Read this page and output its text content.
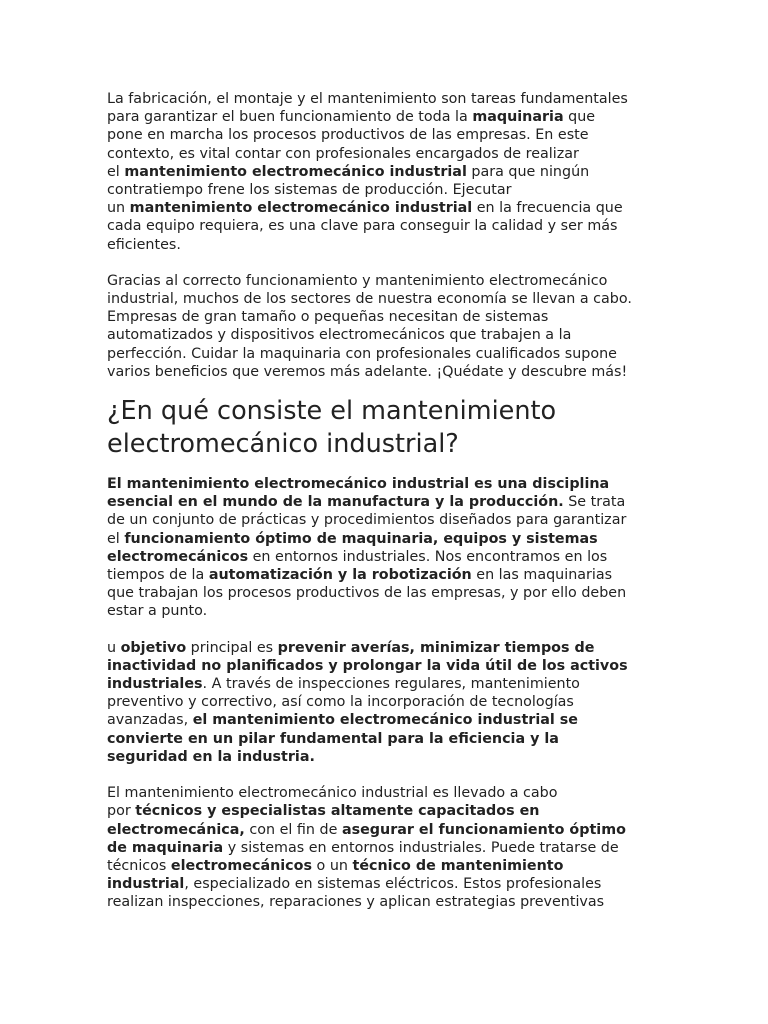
La fabricación, el montaje y el mantenimiento son tareas fundamentales
para garantizar el buen funcionamiento de toda la maquinaria que
pone en marcha los procesos productivos de las empresas. En este
contexto, es vital contar con profesionales encargados de realizar
el mantenimiento electromecánico industrial para que ningún
contratiempo frene los sistemas de producción. Ejecutar
un mantenimiento electromecánico industrial en la frecuencia que
cada equipo requiera, es una clave para conseguir la calidad y ser más
eficientes.

Gracias al correcto funcionamiento y mantenimiento electromecánico
industrial, muchos de los sectores de nuestra economía se llevan a cabo.
Empresas de gran tamaño o pequeñas necesitan de sistemas
automatizados y dispositivos electromecánicos que trabajen a la
perfección. Cuidar la maquinaria con profesionales cualificados supone
varios beneficios que veremos más adelante. ¡Quédate y descubre más!

¿En qué consiste el mantenimiento
electromecánico industrial?

El mantenimiento electromecánico industrial es una disciplina
esencial en el mundo de la manufactura y la producción. Se trata
de un conjunto de prácticas y procedimientos diseñados para garantizar
el funcionamiento óptimo de maquinaria, equipos y sistemas
electromecánicos en entornos industriales. Nos encontramos en los
tiempos de la automatización y la robotización en las maquinarias
que trabajan los procesos productivos de las empresas, y por ello deben
estar a punto.

u objetivo principal es prevenir averías, minimizar tiempos de
inactividad no planificados y prolongar la vida útil de los activos
industriales. A través de inspecciones regulares, mantenimiento
preventivo y correctivo, así como la incorporación de tecnologías
avanzadas, el mantenimiento electromecánico industrial se
convierte en un pilar fundamental para la eficiencia y la
seguridad en la industria.

El mantenimiento electromecánico industrial es llevado a cabo
por técnicos y especialistas altamente capacitados en
electromecánica, con el fin de asegurar el funcionamiento óptimo
de maquinaria y sistemas en entornos industriales. Puede tratarse de
técnicos electromecánicos o un técnico de mantenimiento
industrial, especializado en sistemas eléctricos. Estos profesionales
realizan inspecciones, reparaciones y aplican estrategias preventivas
